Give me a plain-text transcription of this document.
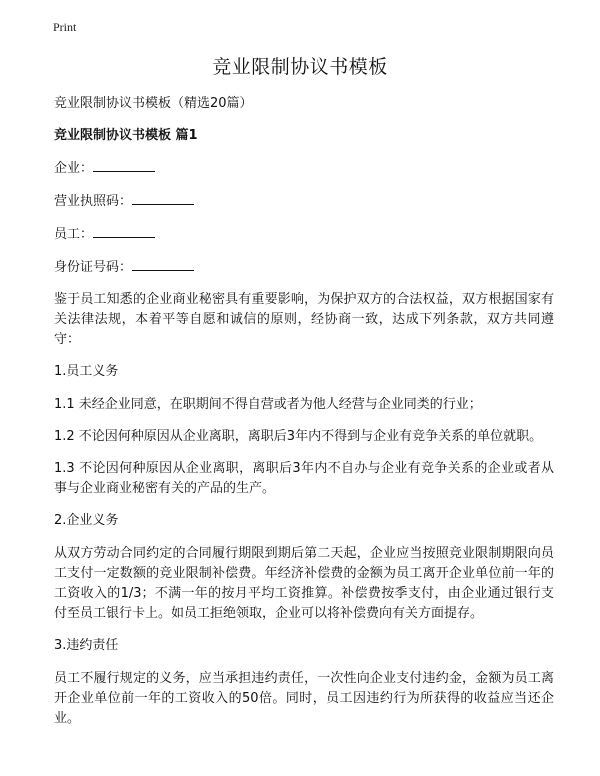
Print
竞业限制协议书模板

竞业限制协议书模板（精选20篇）

竞业限制协议书模板 篇1

企业：

营业执照码：

员工：

身份证号码：

鉴于员工知悉的企业商业秘密具有重要影响，为保护双方的合法权益，双方根据国家有关法律法规，本着平等自愿和诚信的原则，经协商一致，达成下列条款，双方共同遵守：

1.员工义务

1.1 未经企业同意，在职期间不得自营或者为他人经营与企业同类的行业；

1.2 不论因何种原因从企业离职，离职后3年内不得到与企业有竞争关系的单位就职。

1.3 不论因何种原因从企业离职，离职后3年内不自办与企业有竞争关系的企业或者从事与企业商业秘密有关的产品的生产。

2.企业义务

从双方劳动合同约定的合同履行期限到期后第二天起，企业应当按照竞业限制期限向员工支付一定数额的竞业限制补偿费。年经济补偿费的金额为员工离开企业单位前一年的工资收入的1/3；不满一年的按月平均工资推算。补偿费按季支付，由企业通过银行支付至员工银行卡上。如员工拒绝领取，企业可以将补偿费向有关方面提存。

3.违约责任

员工不履行规定的义务，应当承担违约责任，一次性向企业支付违约金，金额为员工离开企业单位前一年的工资收入的50倍。同时，员工因违约行为所获得的收益应当还企业。
